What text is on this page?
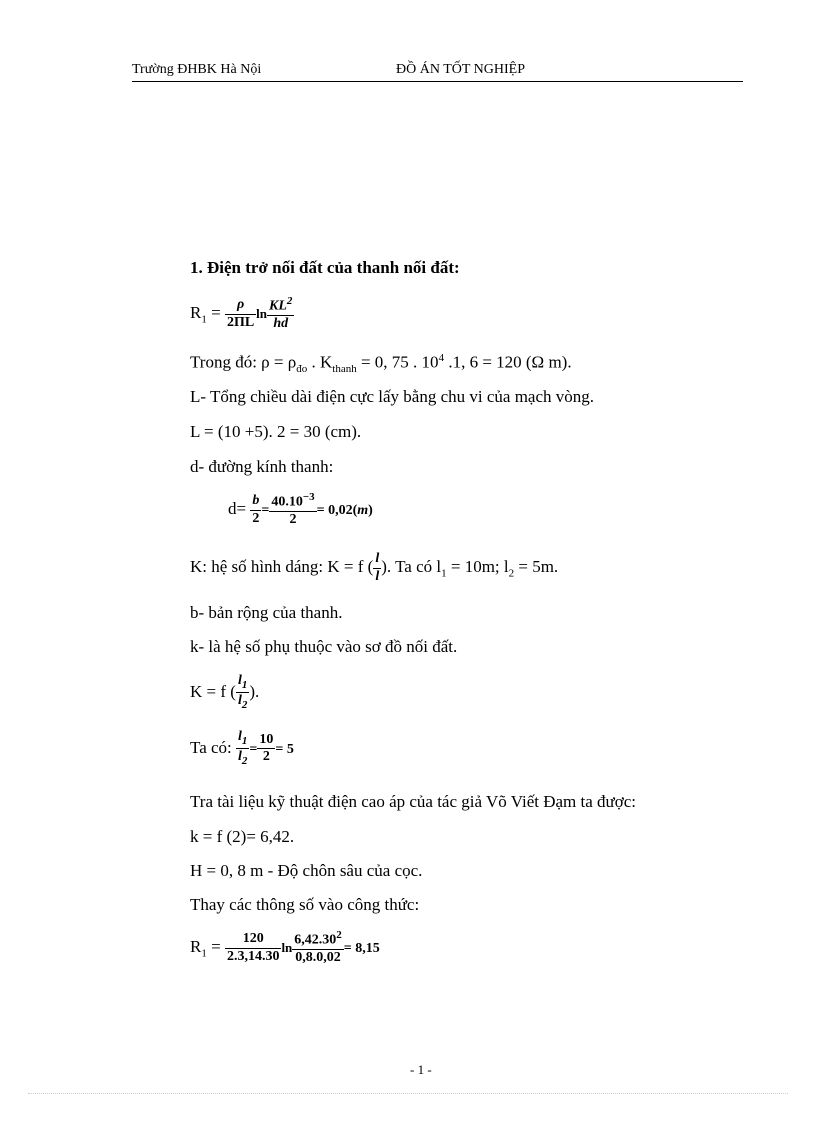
Trường ĐHBK Hà Nội	ĐỒ ÁN TỐT NGHIỆP
1. Điện trở nối đất của thanh nối đất:
$R_1 = \frac{\rho}{2\Pi L}$ $\ln \frac{KL^2}{hd}$
Trong đó: $\rho = \rho_{đo}$ . $K_{thanh} = 0$, 75 . $10^4$ .1, 6 = 120 (Ω m).
L- Tổng chiều dài điện cực lấy bằng chu vi của mạch vòng.
L = (10 +5). 2 = 30 (cm).
d- đường kính thanh:
$d= \frac{b}{2} = \frac{40.10^{-3}}{2} = 0,02(m)$
K: hệ số hình dáng: K = f ( $\frac{l}{l}$ ). Ta có $l_1 = 10m$; $l_2 = 5m$.
b- bản rộng của thanh.
k- là hệ số phụ thuộc vào sơ đồ nối đất.
K = f ( $\frac{l_1}{l_2}$ ).
Ta có: $\frac{l_1}{l_2} = \frac{10}{2} = 5$
Tra tài liệu kỹ thuật điện cao áp của tác giả Võ Viết Đạm ta được:
k = f (2)= 6,42.
H = 0, 8 m - Độ chôn sâu của cọc.
Thay các thông số vào công thức:
$R_1 = \frac{120}{2.3,14.30}$ $\ln \frac{6,42.30^2}{0,8.0,02} = 8,15$
- 1 -
